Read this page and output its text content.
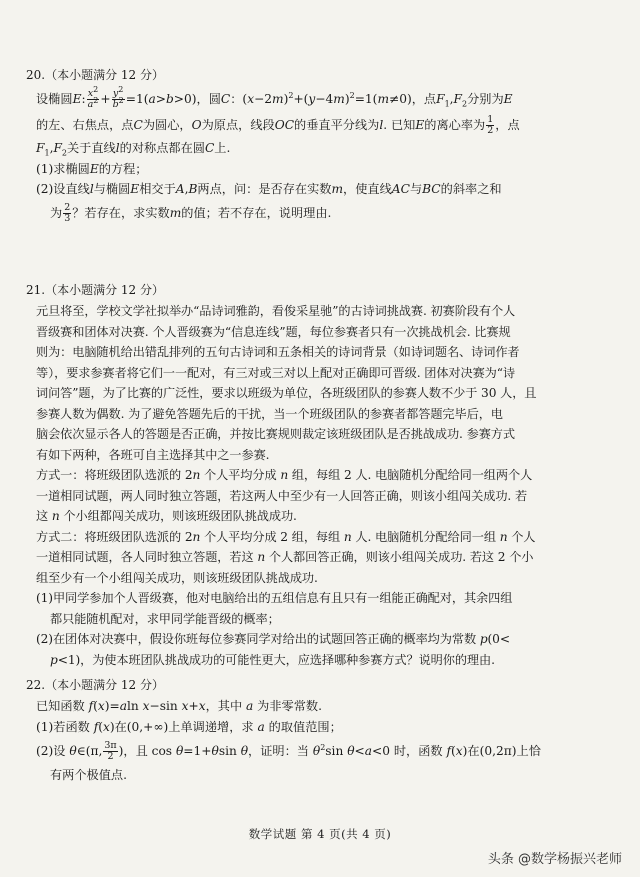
20.（本小题满分 12 分）
设椭圆E: $\frac{x^2}{a^2} + \frac{y^2}{b^2} =1(a>b>0)$，圆C：$(x-2m)^2+(y-4m)^2=1(m\ne 0)$，点$F_1,F_2$分别为E
的左、右焦点，点C为圆心，O为原点，线段OC的垂直平分线为l. 已知E的离心率为 $\frac{1}{2}$ ，点
$F_1,F_2$关于直线l的对称点都在圆C上.
(1)求椭圆E的方程；
(2)设直线l与椭圆E相交于A,B两点，问：是否存在实数m，使直线AC与BC的斜率之和
为 $\frac{2}{3}$ ？若存在，求实数m的值；若不存在，说明理由.
21.（本小题满分 12 分）
元旦将至，学校文学社拟举办“品诗词雅韵，看俊采星驰”的古诗词挑战赛. 初赛阶段有个人
晋级赛和团体对决赛. 个人晋级赛为“信息连线”题，每位参赛者只有一次挑战机会. 比赛规
则为：电脑随机给出错乱排列的五句古诗词和五条相关的诗词背景（如诗词题名、诗词作者
等），要求参赛者将它们一一配对，有三对或三对以上配对正确即可晋级. 团体对决赛为“诗
词问答”题，为了比赛的广泛性，要求以班级为单位，各班级团队的参赛人数不少于 30 人，且
参赛人数为偶数. 为了避免答题先后的干扰，当一个班级团队的参赛者都答题完毕后，电
脑会依次显示各人的答题是否正确，并按比赛规则裁定该班级团队是否挑战成功. 参赛方式
有如下两种，各班可自主选择其中之一参赛.
方式一：将班级团队选派的 2n 个人平均分成 n 组，每组 2 人. 电脑随机分配给同一组两个人
一道相同试题，两人同时独立答题，若这两人中至少有一人回答正确，则该小组闯关成功. 若
这 n 个小组都闯关成功，则该班级团队挑战成功.
方式二：将班级团队选派的 2n 个人平均分成 2 组，每组 n 人. 电脑随机分配给同一组 n 个人
一道相同试题，各人同时独立答题，若这 n 个人都回答正确，则该小组闯关成功. 若这 2 个小
组至少有一个小组闯关成功，则该班级团队挑战成功.
(1)甲同学参加个人晋级赛，他对电脑给出的五组信息有且只有一组能正确配对，其余四组
都只能随机配对，求甲同学能晋级的概率；
(2)在团体对决赛中，假设你班每位参赛同学对给出的试题回答正确的概率均为常数 p(0<
p<1)，为使本班团队挑战成功的可能性更大，应选择哪种参赛方式？说明你的理由.
22.（本小题满分 12 分）
已知函数 f(x)=aln x−sin x+x，其中 a 为非零常数.
(1)若函数 f(x)在(0,+∞)上单调递增，求 a 的取值范围；
(2)设 θ∈(π, $\frac{3\pi}{2}$ )，且 cos θ=1+θsin θ，证明：当 $\theta^2\sin$ θ<a<0 时，函数 f(x)在(0,2π)上恰
有两个极值点.
数学试题 第 4 页(共 4 页)
头条 @数学杨振兴老师
